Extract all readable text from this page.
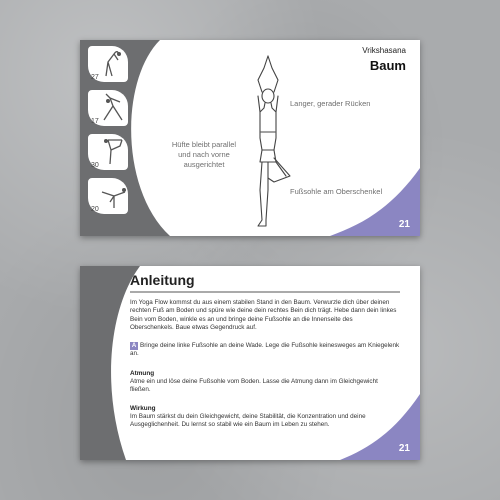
27
17
30
20
Vrikshasana
Baum
Langer, gerader Rücken
Hüfte bleibt parallel und nach vorne ausgerichtet
Fußsohle am Oberschenkel
21
Anleitung
Im Yoga Flow kommst du aus einem stabilen Stand in den Baum. Verwurzle dich über deinen rechten Fuß am Boden und spüre wie deine dein rechtes Bein dich trägt. Hebe dann dein linkes Bein vom Boden, winkle es an und bringe deine Fußsohle an die Innenseite des Oberschenkels. Baue etwas Gegendruck auf.
A Bringe deine linke Fußsohle an deine Wade. Lege die Fußsohle keinesweges am Kniegelenk an.
Atmung
Atme ein und löse deine Fußsohle vom Boden. Lasse die Atmung dann im Gleichgewicht fließen.
Wirkung
Im Baum stärkst du dein Gleichgewicht, deine Stabilität, die Konzentration und deine Ausgeglichenheit. Du lernst so stabil wie ein Baum im Leben zu stehen.
21
